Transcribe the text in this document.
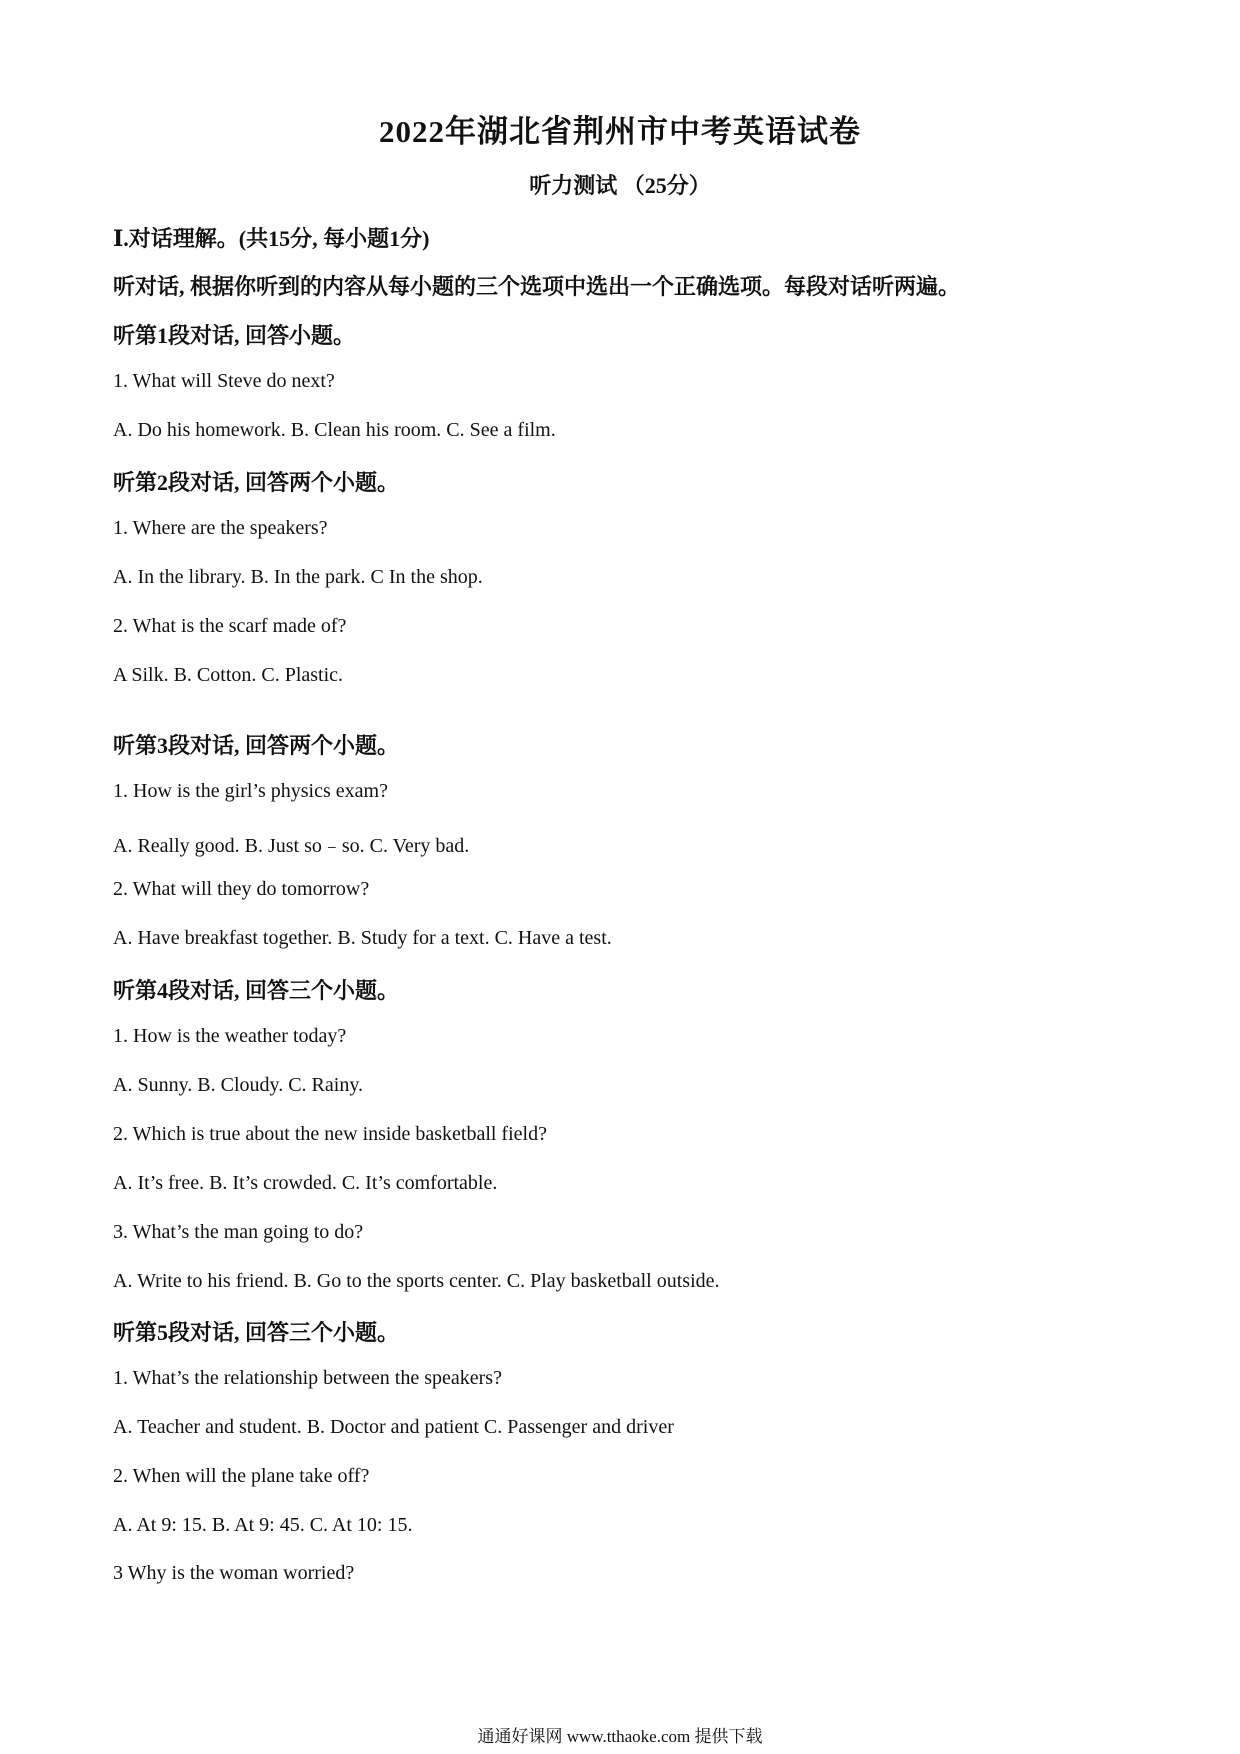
2022年湖北省荆州市中考英语试卷
听力测试 （25分）
Ⅰ.对话理解。(共15分, 每小题1分)
听对话, 根据你听到的内容从每小题的三个选项中选出一个正确选项。每段对话听两遍。
听第1段对话, 回答小题。
1. What will Steve do next?
A. Do his homework. B. Clean his room. C. See a film.
听第2段对话, 回答两个小题。
1. Where are the speakers?
A. In the library. B. In the park. C In the shop.
2. What is the scarf made of?
A Silk. B. Cotton. C. Plastic.
听第3段对话, 回答两个小题。
1. How is the girl’s physics exam?
A. Really good. B. Just so﹣so. C. Very bad.
2. What will they do tomorrow?
A. Have breakfast together. B. Study for a text. C. Have a test.
听第4段对话, 回答三个小题。
1. How is the weather today?
A. Sunny. B. Cloudy. C. Rainy.
2. Which is true about the new inside basketball field?
A. It’s free. B. It’s crowded. C. It’s comfortable.
3. What’s the man going to do?
A. Write to his friend. B. Go to the sports center. C. Play basketball outside.
听第5段对话, 回答三个小题。
1. What’s the relationship between the speakers?
A. Teacher and student. B. Doctor and patient C. Passenger and driver
2. When will the plane take off?
A. At 9: 15. B. At 9: 45. C. At 10: 15.
3 Why is the woman worried?
通通好课网 www.tthaoke.com 提供下载
